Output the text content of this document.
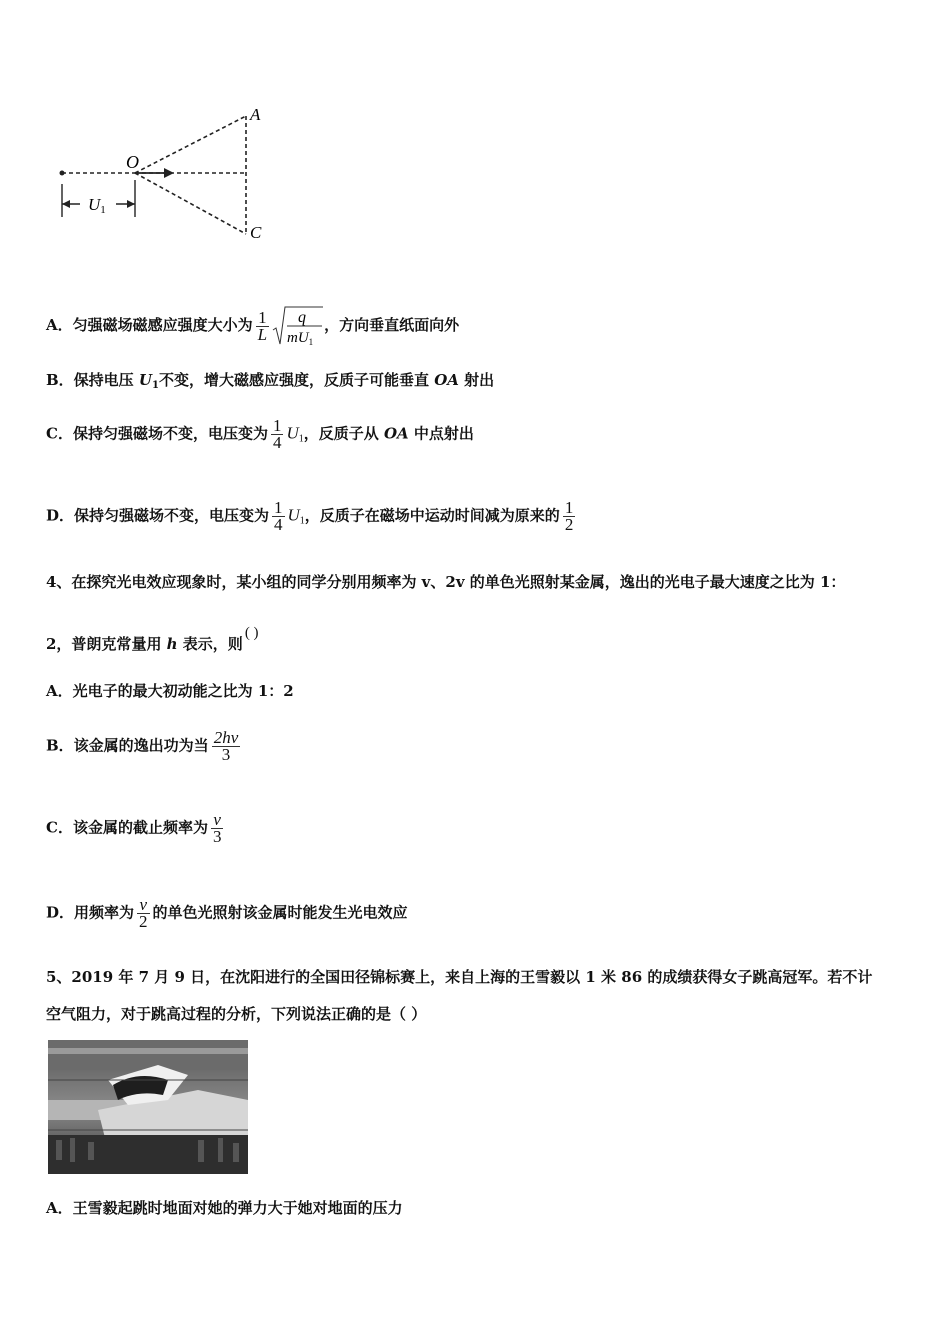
O
A
C
U1
A．匀强磁场磁感应强度大小为 $\frac{1}{L}$ q
$mU_1$
，方向垂直纸面向外
B．保持电压 $U_1$不变，增大磁感应强度，反质子可能垂直 OA 射出
C．保持匀强磁场不变，电压变为 $\frac{1}{4} U_1$，反质子从 OA 中点射出
D．保持匀强磁场不变，电压变为 $\frac{1}{4} U_1$，反质子在磁场中运动时间减为原来的 $\frac{1}{2}$
4、在探究光电效应现象时，某小组的同学分别用频率为 v、2v 的单色光照射某金属，逸出的光电子最大速度之比为 1：
2，普朗克常量用 h 表示，则( )
A．光电子的最大初动能之比为 1：2
B．该金属的逸出功为当 $\frac{2hv}{3}$
C．该金属的截止频率为 $\frac{v}{3}$
D．用频率为 $\frac{v}{2}$ 的单色光照射该金属时能发生光电效应
5、2019 年 7 月 9 日，在沈阳进行的全国田径锦标赛上，来自上海的王雪毅以 1 米 86 的成绩获得女子跳高冠军。若不计
空气阻力，对于跳高过程的分析，下列说法正确的是（ ）
A．王雪毅起跳时地面对她的弹力大于她对地面的压力
